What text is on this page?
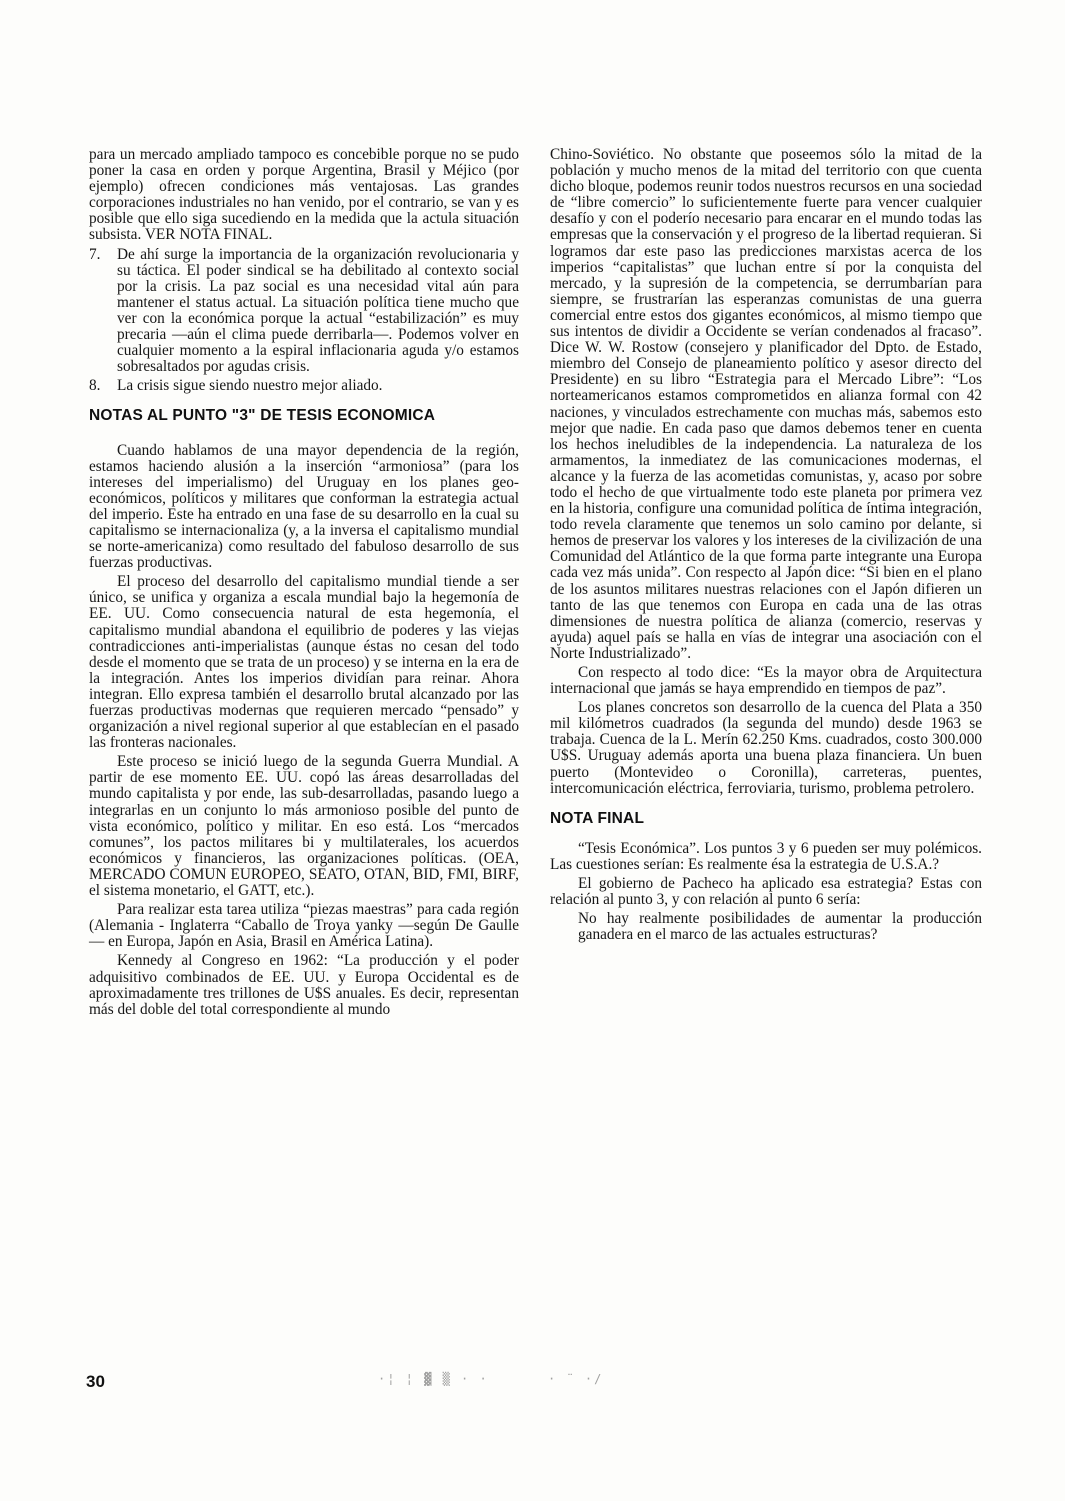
para un mercado ampliado tampoco es concebible porque no se pudo poner la casa en orden y porque Argentina, Brasil y Méjico (por ejemplo) ofrecen condiciones más ventajosas. Las grandes corporaciones industriales no han venido, por el contrario, se van y es posible que ello siga sucediendo en la medida que la actula situación subsista. VER NOTA FINAL.

7. De ahí surge la importancia de la organización revolucionaria y su táctica. El poder sindical se ha debilitado al contexto social por la crisis. La paz social es una necesidad vital aún para mantener el status actual. La situación política tiene mucho que ver con la económica porque la actual “estabilización” es muy precaria —aún el clima puede derribarla—. Podemos volver en cualquier momento a la espiral inflacionaria aguda y/o estamos sobresaltados por agudas crisis.

8. La crisis sigue siendo nuestro mejor aliado.

NOTAS AL PUNTO "3" DE TESIS ECONOMICA

Cuando hablamos de una mayor dependencia de la región, estamos haciendo alusión a la inserción “armoniosa” (para los intereses del imperialismo) del Uruguay en los planes geo-económicos, políticos y militares que conforman la estrategia actual del imperio. Este ha entrado en una fase de su desarrollo en la cual su capitalismo se internacionaliza (y, a la inversa el capitalismo mundial se norte-americaniza) como resultado del fabuloso desarrollo de sus fuerzas productivas.

El proceso del desarrollo del capitalismo mundial tiende a ser único, se unifica y organiza a escala mundial bajo la hegemonía de EE. UU. Como consecuencia natural de esta hegemonía, el capitalismo mundial abandona el equilibrio de poderes y las viejas contradicciones anti-imperialistas (aunque éstas no cesan del todo desde el momento que se trata de un proceso) y se interna en la era de la integración. Antes los imperios dividían para reinar. Ahora integran. Ello expresa también el desarrollo brutal alcanzado por las fuerzas productivas modernas que requieren mercado “pensado” y organización a nivel regional superior al que establecían en el pasado las fronteras nacionales.

Este proceso se inició luego de la segunda Guerra Mundial. A partir de ese momento EE. UU. copó las áreas desarrolladas del mundo capitalista y por ende, las sub-desarrolladas, pasando luego a integrarlas en un conjunto lo más armonioso posible del punto de vista económico, político y militar. En eso está. Los “mercados comunes”, los pactos militares bi y multilaterales, los acuerdos económicos y financieros, las organizaciones políticas. (OEA, MERCADO COMUN EUROPEO, SEATO, OTAN, BID, FMI, BIRF, el sistema monetario, el GATT, etc.).

Para realizar esta tarea utiliza “piezas maestras” para cada región (Alemania - Inglaterra “Caballo de Troya yanky —según De Gaulle— en Europa, Japón en Asia, Brasil en América Latina).

Kennedy al Congreso en 1962: “La producción y el poder adquisitivo combinados de EE. UU. y Europa Occidental es de aproximadamente tres trillones de U$S anuales. Es decir, representan más del doble del total correspondiente al mundo

Chino-Soviético. No obstante que poseemos sólo la mitad de la población y mucho menos de la mitad del territorio con que cuenta dicho bloque, podemos reunir todos nuestros recursos en una sociedad de “libre comercio” lo suficientemente fuerte para vencer cualquier desafío y con el poderío necesario para encarar en el mundo todas las empresas que la conservación y el progreso de la libertad requieran. Si logramos dar este paso las predicciones marxistas acerca de los imperios “capitalistas” que luchan entre sí por la conquista del mercado, y la supresión de la competencia, se derrumbarían para siempre, se frustrarían las esperanzas comunistas de una guerra comercial entre estos dos gigantes económicos, al mismo tiempo que sus intentos de dividir a Occidente se verían condenados al fracaso”. Dice W. W. Rostow (consejero y planificador del Dpto. de Estado, miembro del Consejo de planeamiento político y asesor directo del Presidente) en su libro “Estrategia para el Mercado Libre”: “Los norteamericanos estamos comprometidos en alianza formal con 42 naciones, y vinculados estrechamente con muchas más, sabemos esto mejor que nadie. En cada paso que damos debemos tener en cuenta los hechos ineludibles de la independencia. La naturaleza de los armamentos, la inmediatez de las comunicaciones modernas, el alcance y la fuerza de las acometidas comunistas, y, acaso por sobre todo el hecho de que virtualmente todo este planeta por primera vez en la historia, configure una comunidad política de íntima integración, todo revela claramente que tenemos un solo camino por delante, si hemos de preservar los valores y los intereses de la civilización de una Comunidad del Atlántico de la que forma parte integrante una Europa cada vez más unida”. Con respecto al Japón dice: “Si bien en el plano de los asuntos militares nuestras relaciones con el Japón difieren un tanto de las que tenemos con Europa en cada una de las otras dimensiones de nuestra política de alianza (comercio, reservas y ayuda) aquel país se halla en vías de integrar una asociación con el Norte Industrializado”.

Con respecto al todo dice: “Es la mayor obra de Arquitectura internacional que jamás se haya emprendido en tiempos de paz”.

Los planes concretos son desarrollo de la cuenca del Plata a 350 mil kilómetros cuadrados (la segunda del mundo) desde 1963 se trabaja. Cuenca de la L. Merín 62.250 Kms. cuadrados, costo 300.000 U$S. Uruguay además aporta una buena plaza financiera. Un buen puerto (Montevideo o Coronilla), carreteras, puentes, intercomunicación eléctrica, ferroviaria, turismo, problema petrolero.

NOTA FINAL

“Tesis Económica”. Los puntos 3 y 6 pueden ser muy polémicos. Las cuestiones serían: Es realmente ésa la estrategia de U.S.A.?

El gobierno de Pacheco ha aplicado esa estrategia? Estas con relación al punto 3, y con relación al punto 6 sería:

No hay realmente posibilidades de aumentar la producción ganadera en el marco de las actuales estructuras?

30	·¦ ¦ ▓ ▒ · ·	· ¨ ·/
